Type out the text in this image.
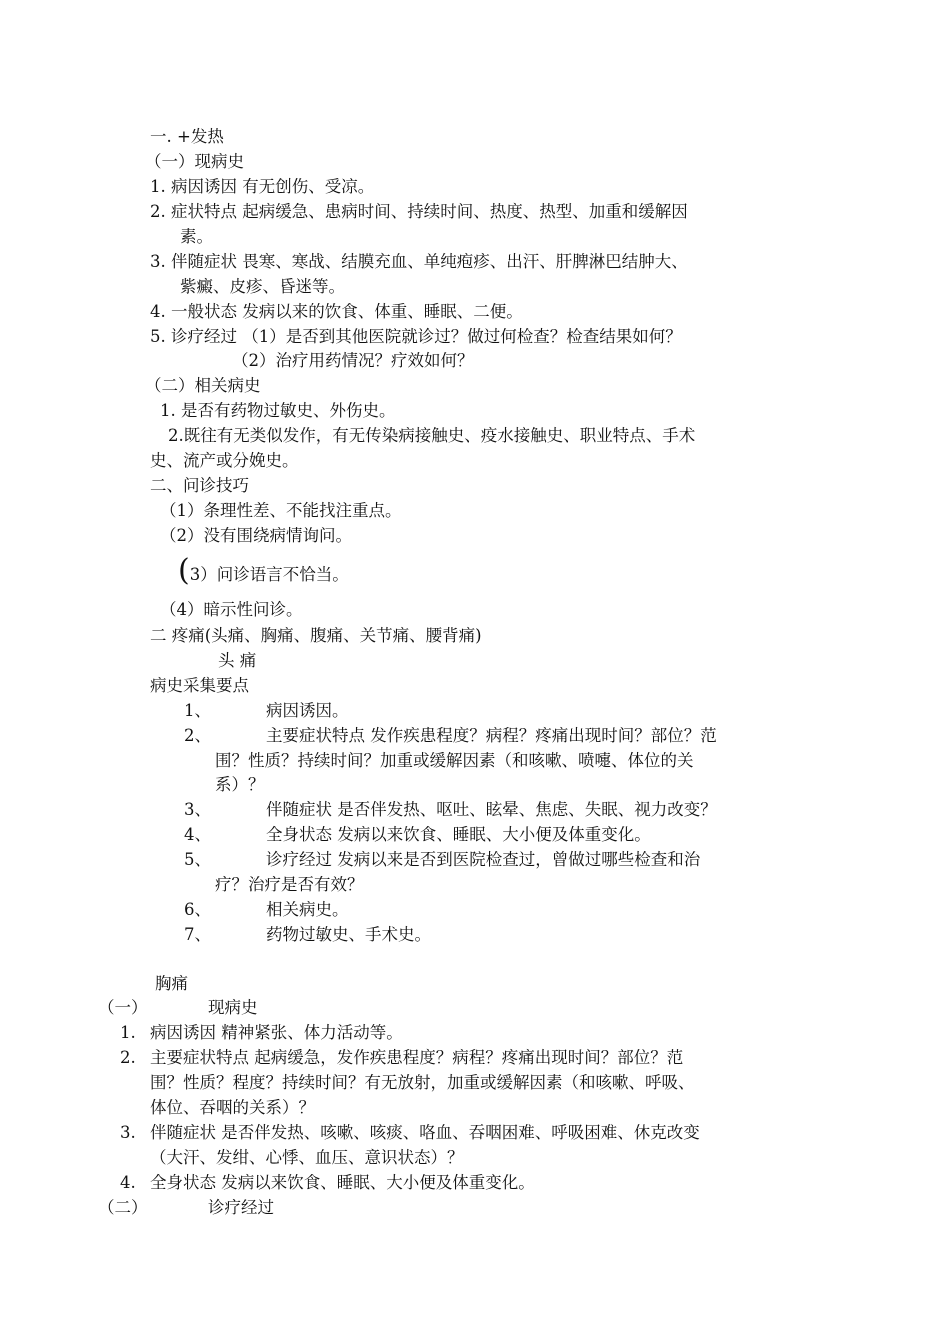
一. +发热
（一）现病史
1. 病因诱因 有无创伤、受凉。
2. 症状特点 起病缓急、患病时间、持续时间、热度、热型、加重和缓解因
素。
3. 伴随症状 畏寒、寒战、结膜充血、单纯疱疹、出汗、肝脾淋巴结肿大、
紫癜、皮疹、昏迷等。
4. 一般状态 发病以来的饮食、体重、睡眠、二便。
5. 诊疗经过 （1）是否到其他医院就诊过？做过何检查？检查结果如何？
（2）治疗用药情况？疗效如何？
（二）相关病史
1. 是否有药物过敏史、外伤史。
2.既往有无类似发作，有无传染病接触史、疫水接触史、职业特点、手术
史、流产或分娩史。
二、问诊技巧
（1）条理性差、不能找注重点。
（2）没有围绕病情询问。
(3）问诊语言不恰当。
（4）暗示性问诊。
二 疼痛(头痛、胸痛、腹痛、关节痛、腰背痛)
头 痛
病史采集要点
1、	病因诱因。
2、	主要症状特点 发作疾患程度？病程？疼痛出现时间？部位？范
围？性质？持续时间？加重或缓解因素（和咳嗽、喷嚏、体位的关
系）？
3、	伴随症状 是否伴发热、呕吐、眩晕、焦虑、失眠、视力改变？
4、	全身状态 发病以来饮食、睡眠、大小便及体重变化。
5、	诊疗经过 发病以来是否到医院检查过，曾做过哪些检查和治
疗？治疗是否有效？
6、	相关病史。
7、	药物过敏史、手术史。
胸痛
（一）	现病史
1. 病因诱因 精神紧张、体力活动等。
2. 主要症状特点 起病缓急，发作疾患程度？病程？疼痛出现时间？部位？范
围？性质？程度？持续时间？有无放射，加重或缓解因素（和咳嗽、呼吸、
体位、吞咽的关系）？
3. 伴随症状 是否伴发热、咳嗽、咳痰、咯血、吞咽困难、呼吸困难、休克改变
（大汗、发绀、心悸、血压、意识状态）？
4. 全身状态 发病以来饮食、睡眠、大小便及体重变化。
（二）	诊疗经过
